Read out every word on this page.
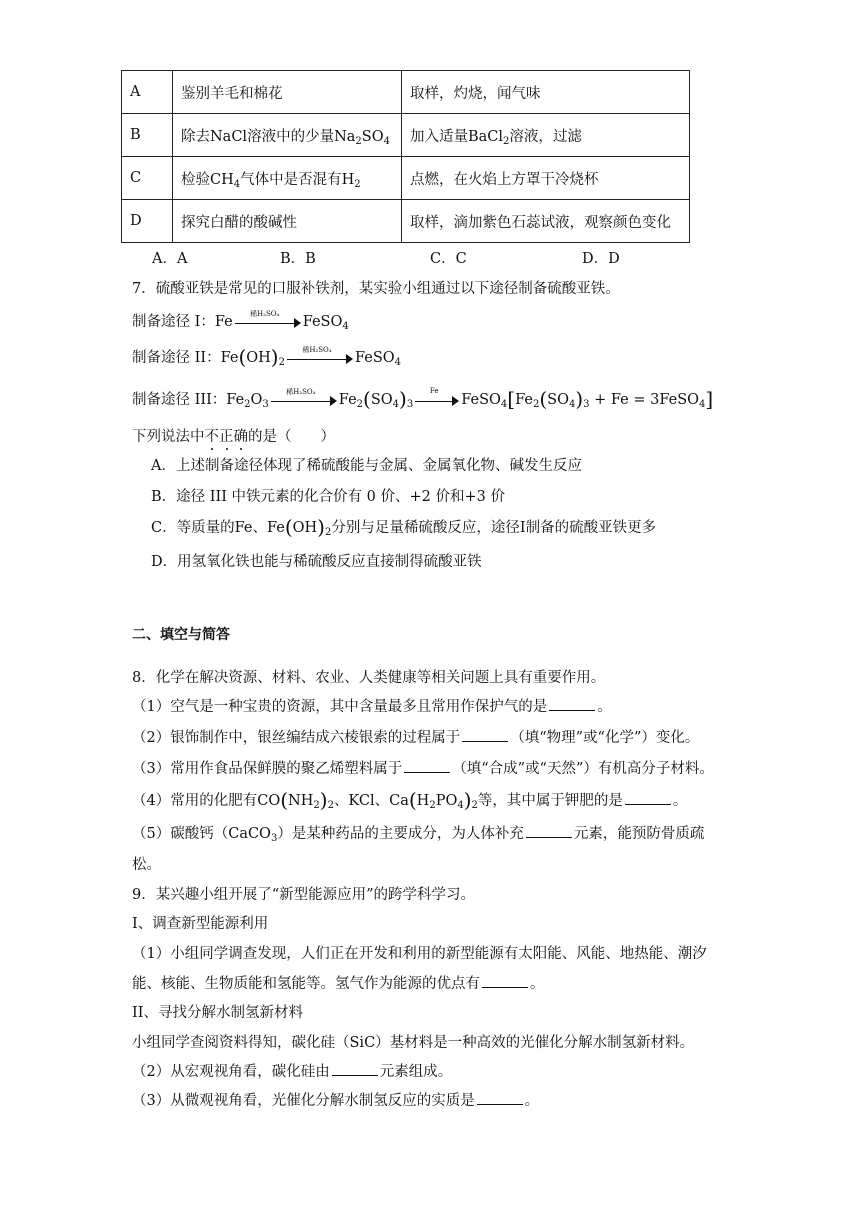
A	鉴别羊毛和棉花	取样，灼烧，闻气味
B	除去NaCl溶液中的少量$Na_2SO_4$	加入适量BaCl$_2$溶液，过滤
C	检验$CH_4$气体中是否混有$H_2$	点燃，在火焰上方罩干冷烧杯
D	探究白醋的酸碱性	取样，滴加紫色石蕊试液，观察颜色变化
A．A	B．B	C．C	D．D
7．硫酸亚铁是常见的口服补铁剂，某实验小组通过以下途径制备硫酸亚铁。
制备途径 I：Fe	稀H₂SO₄	FeSO$_4$
制备途径 II：$Fe(OH)_2$
稀H₂SO₄	FeSO$_4$
制备途径 III：$Fe_2O_3$
稀H₂SO₄	$Fe_2(SO_4)_3$
Fe
$FeSO_4[Fe_2(SO_4)_3 + Fe$ = 3FeSO$_4$]
下列说法中不正确的是（　　）
A．上述制备途径体现了稀硫酸能与金属、金属氧化物、碱发生反应
B．途径 III 中铁元素的化合价有 0 价、+2 价和+3 价
C．等质量的Fe、$Fe(OH)_2$分别与足量稀硫酸反应，途径Ⅰ制备的硫酸亚铁更多
D．用氢氧化铁也能与稀硫酸反应直接制得硫酸亚铁
二、填空与简答
8．化学在解决资源、材料、农业、人类健康等相关问题上具有重要作用。
（1）空气是一种宝贵的资源，其中含量最多且常用作保护气的是	。
（2）银饰制作中，银丝编结成六棱银索的过程属于	（填“物理”或“化学”）变化。
（3）常用作食品保鲜膜的聚乙烯塑料属于	（填“合成”或“天然”）有机高分子材料。
（4）常用的化肥有$CO(NH_2)_2$、KCl、$Ca(H_2PO_4)_2$等，其中属于钾肥的是	。
（5）碳酸钙（CaCO$_3$）是某种药品的主要成分，为人体补充	元素，能预防骨质疏
松。
9．某兴趣小组开展了“新型能源应用”的跨学科学习。
I、调查新型能源利用
（1）小组同学调查发现，人们正在开发和利用的新型能源有太阳能、风能、地热能、潮汐
能、核能、生物质能和氢能等。氢气作为能源的优点有	。
II、寻找分解水制氢新材料
小组同学查阅资料得知，碳化硅（SiC）基材料是一种高效的光催化分解水制氢新材料。
（2）从宏观视角看，碳化硅由	元素组成。
（3）从微观视角看，光催化分解水制氢反应的实质是	。
